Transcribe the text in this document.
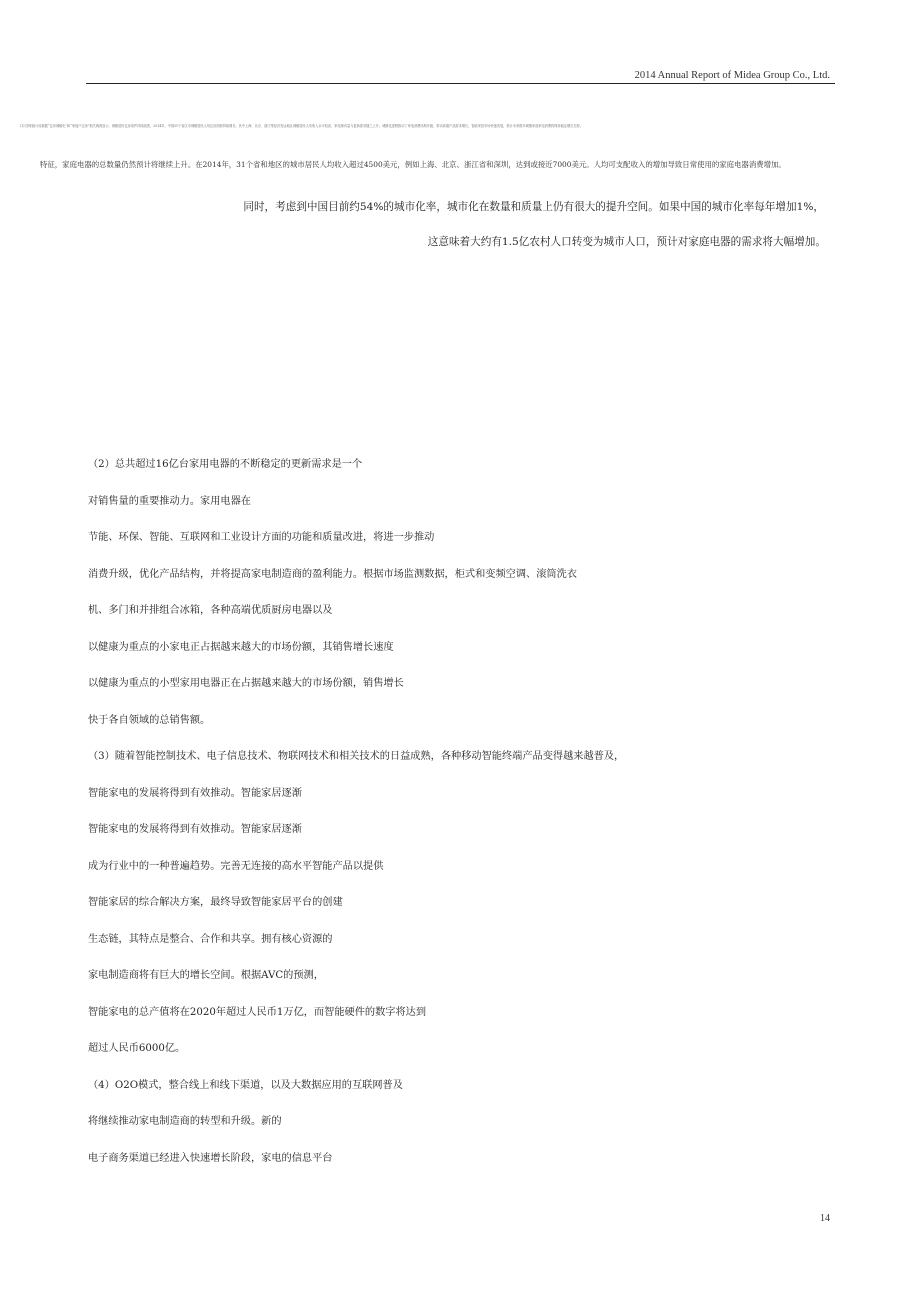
2014 Annual Report of Midea Group Co., Ltd.
(1) 国家统计局数据“住房城镇化”和“家庭户住房”相关调查显示，城镇居民住房条件持续改善，2014年，中国31个省区市城镇居民人均住房面积持续增长。其中上海、北京、浙江等经济发达地区城镇居民人均收入水平较高，家电保有量与更新需求随之上升。城镇化进程推动了家电消费结构升级，带动高端产品需求增长，智能家居市场快速发展，预计未来数年城镇家庭家电消费将保持稳定增长态势。
特征，家庭电器的总数量仍然预计将继续上升。在2014年，31个省和地区的城市居民人均收入超过4500美元，例如上海、北京、浙江省和深圳，达到或接近7000美元。人均可支配收入的增加导致日常使用的家庭电器消费增加。
同时，考虑到中国目前约54%的城市化率，城市化在数量和质量上仍有很大的提升空间。如果中国的城市化率每年增加1%，
这意味着大约有1.5亿农村人口转变为城市人口，预计对家庭电器的需求将大幅增加。
（2）总共超过16亿台家用电器的不断稳定的更新需求是一个
对销售量的重要推动力。家用电器在
节能、环保、智能、互联网和工业设计方面的功能和质量改进，将进一步推动
消费升级，优化产品结构，并将提高家电制造商的盈利能力。根据市场监测数据，柜式和变频空调、滚筒洗衣
机、多门和并排组合冰箱，各种高端优质厨房电器以及
以健康为重点的小家电正占据越来越大的市场份额，其销售增长速度
以健康为重点的小型家用电器正在占据越来越大的市场份额，销售增长
快于各自领域的总销售额。
（3）随着智能控制技术、电子信息技术、物联网技术和相关技术的日益成熟，各种移动智能终端产品变得越来越普及，
智能家电的发展将得到有效推动。智能家居逐渐
智能家电的发展将得到有效推动。智能家居逐渐
成为行业中的一种普遍趋势。完善无连接的高水平智能产品以提供
智能家居的综合解决方案，最终导致智能家居平台的创建
生态链，其特点是整合、合作和共享。拥有核心资源的
家电制造商将有巨大的增长空间。根据AVC的预测，
智能家电的总产值将在2020年超过人民币1万亿，而智能硬件的数字将达到
超过人民币6000亿。
（4）O2O模式，整合线上和线下渠道，以及大数据应用的互联网普及
将继续推动家电制造商的转型和升级。新的
电子商务渠道已经进入快速增长阶段，家电的信息平台
14
